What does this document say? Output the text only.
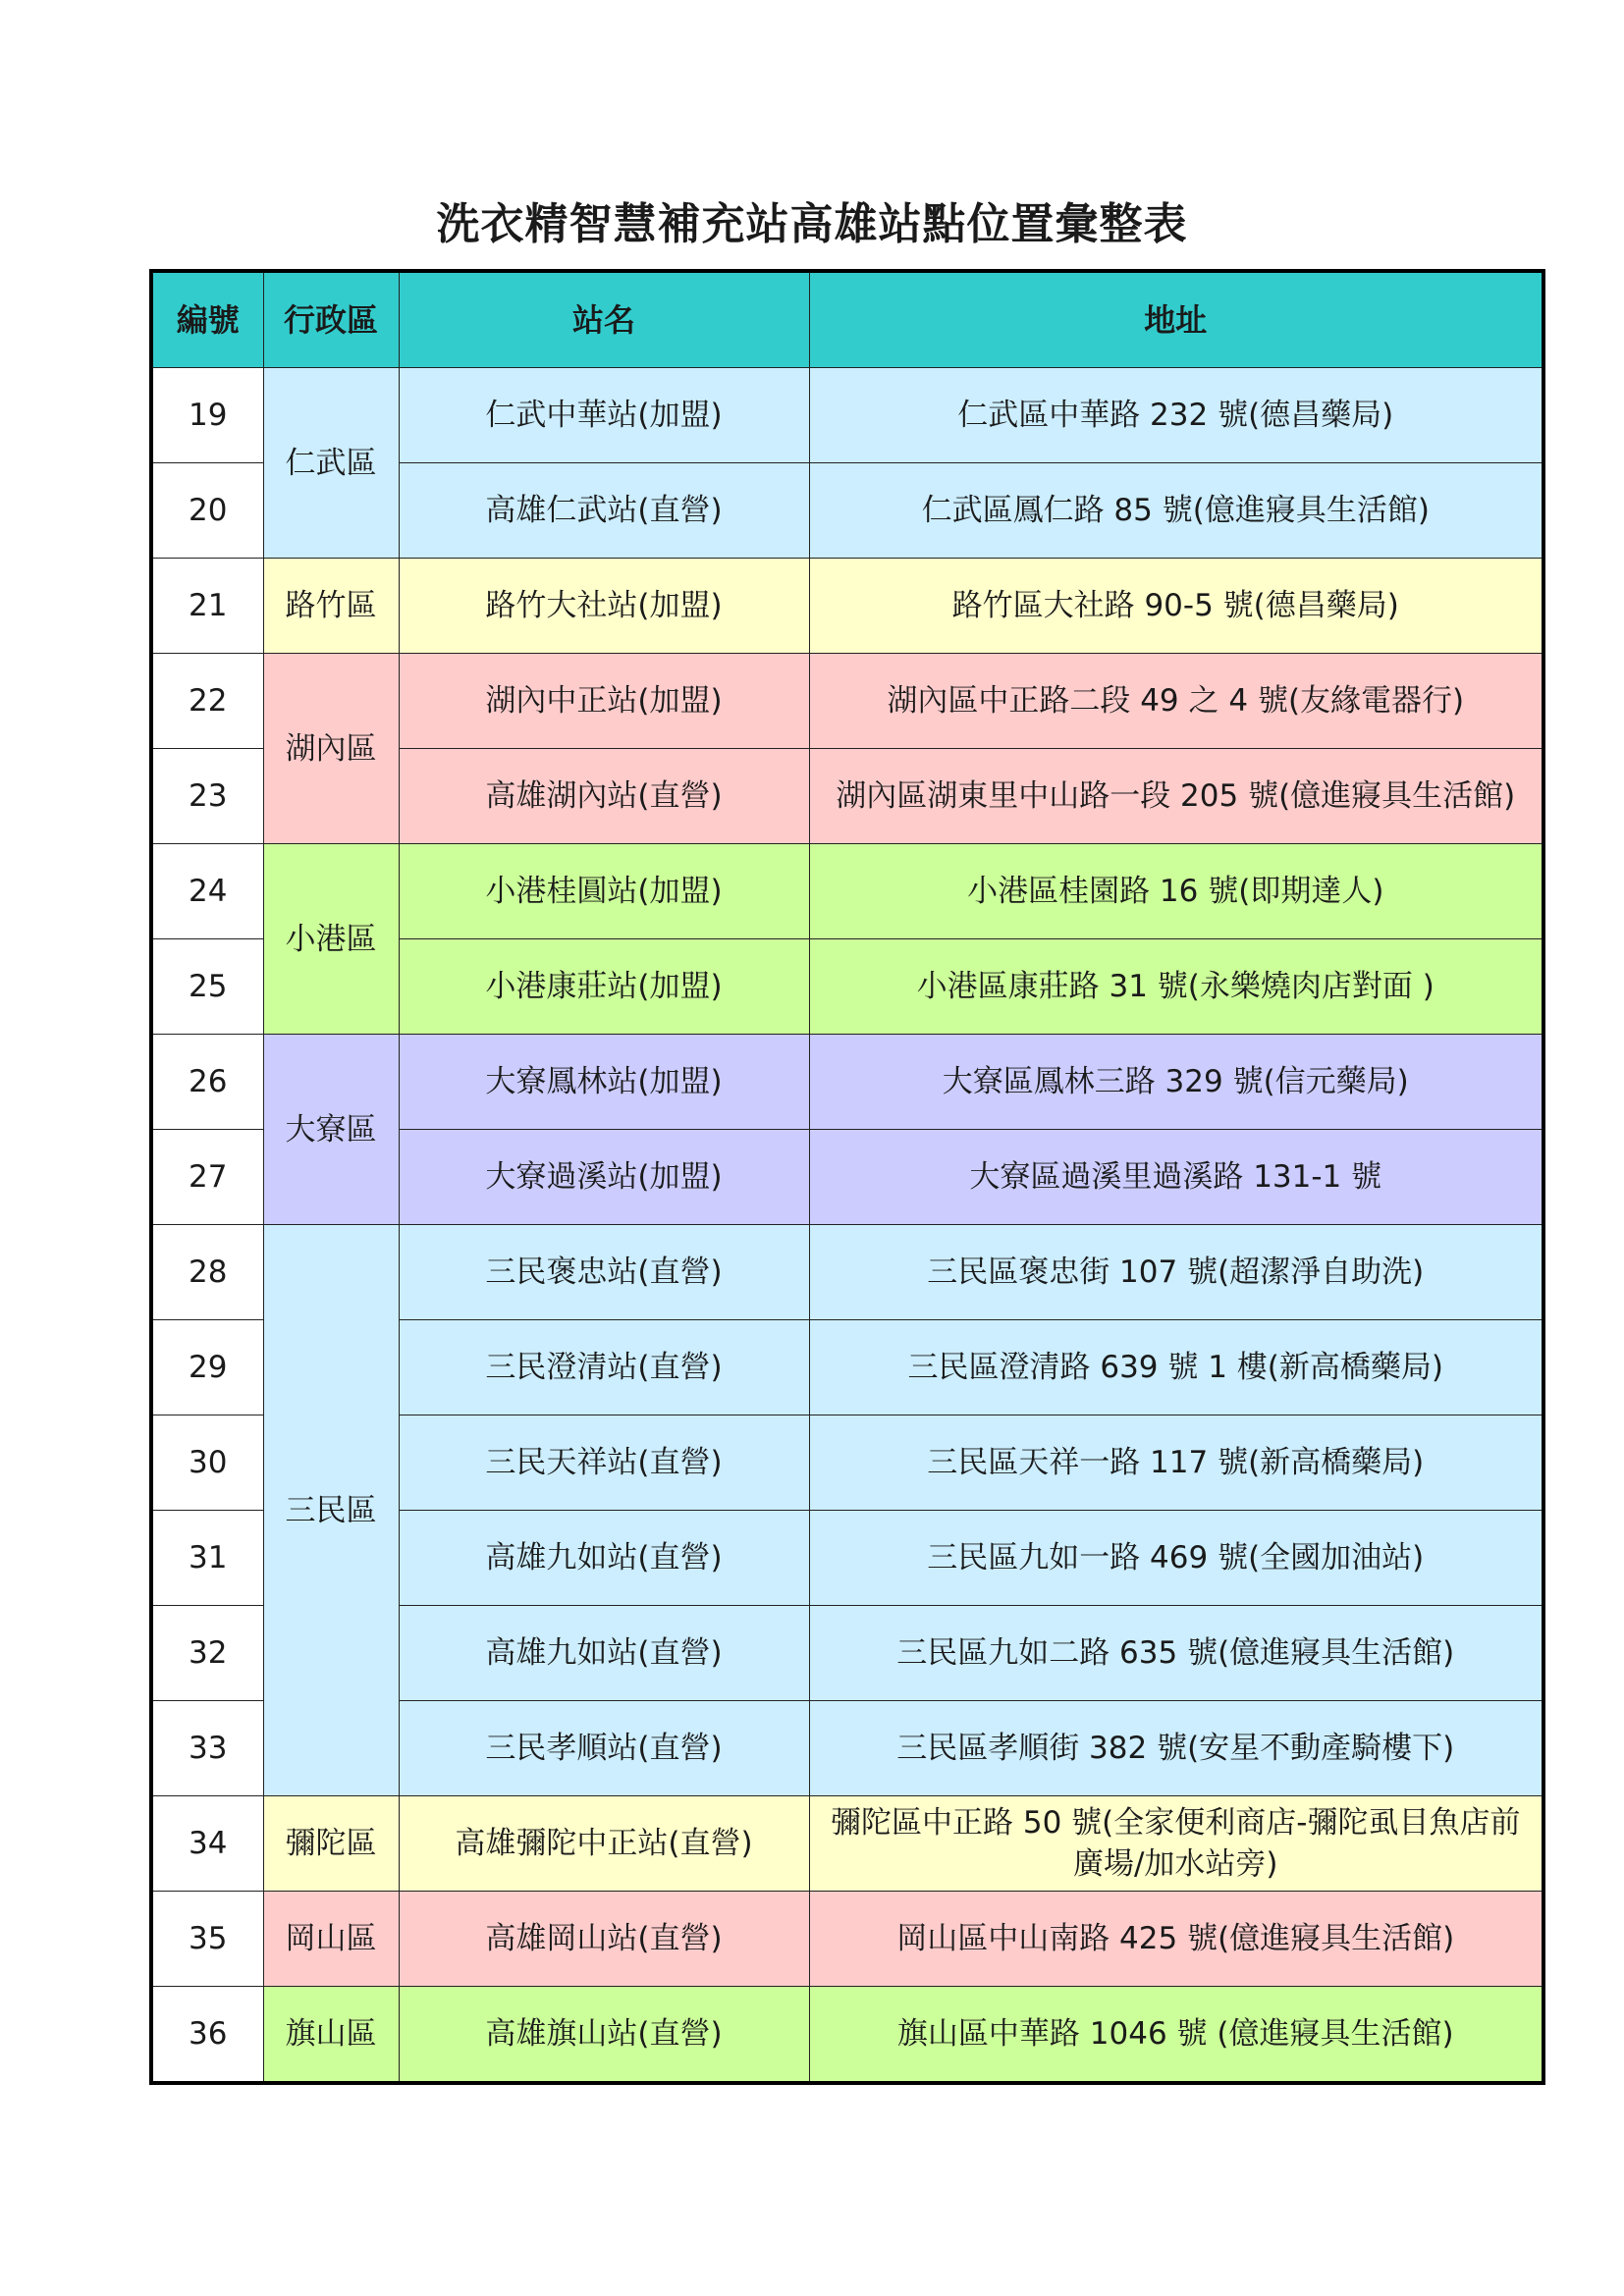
洗衣精智慧補充站高雄站點位置彙整表
編號	行政區	站名	地址
19	仁武區	仁武中華站(加盟)	仁武區中華路 232 號(德昌藥局)
20		高雄仁武站(直營)	仁武區鳳仁路 85 號(億進寢具生活館)
21	路竹區	路竹大社站(加盟)	路竹區大社路 90-5 號(德昌藥局)
22	湖內區	湖內中正站(加盟)	湖內區中正路二段 49 之 4 號(友緣電器行)
23		高雄湖內站(直營)	湖內區湖東里中山路一段 205 號(億進寢具生活館)
24	小港區	小港桂圓站(加盟)	小港區桂園路 16 號(即期達人)
25		小港康莊站(加盟)	小港區康莊路 31 號(永樂燒肉店對面 )
26	大寮區	大寮鳳林站(加盟)	大寮區鳳林三路 329 號(信元藥局)
27		大寮過溪站(加盟)	大寮區過溪里過溪路 131-1 號
28	三民區	三民褒忠站(直營)	三民區褒忠街 107 號(超潔淨自助洗)
29		三民澄清站(直營)	三民區澄清路 639 號 1 樓(新高橋藥局)
30		三民天祥站(直營)	三民區天祥一路 117 號(新高橋藥局)
31		高雄九如站(直營)	三民區九如一路 469 號(全國加油站)
32		高雄九如站(直營)	三民區九如二路 635 號(億進寢具生活館)
33		三民孝順站(直營)	三民區孝順街 382 號(安星不動產騎樓下)
34	彌陀區	高雄彌陀中正站(直營)	彌陀區中正路 50 號(全家便利商店-彌陀虱目魚店前廣場/加水站旁)
35	岡山區	高雄岡山站(直營)	岡山區中山南路 425 號(億進寢具生活館)
36	旗山區	高雄旗山站(直營)	旗山區中華路 1046 號 (億進寢具生活館)
